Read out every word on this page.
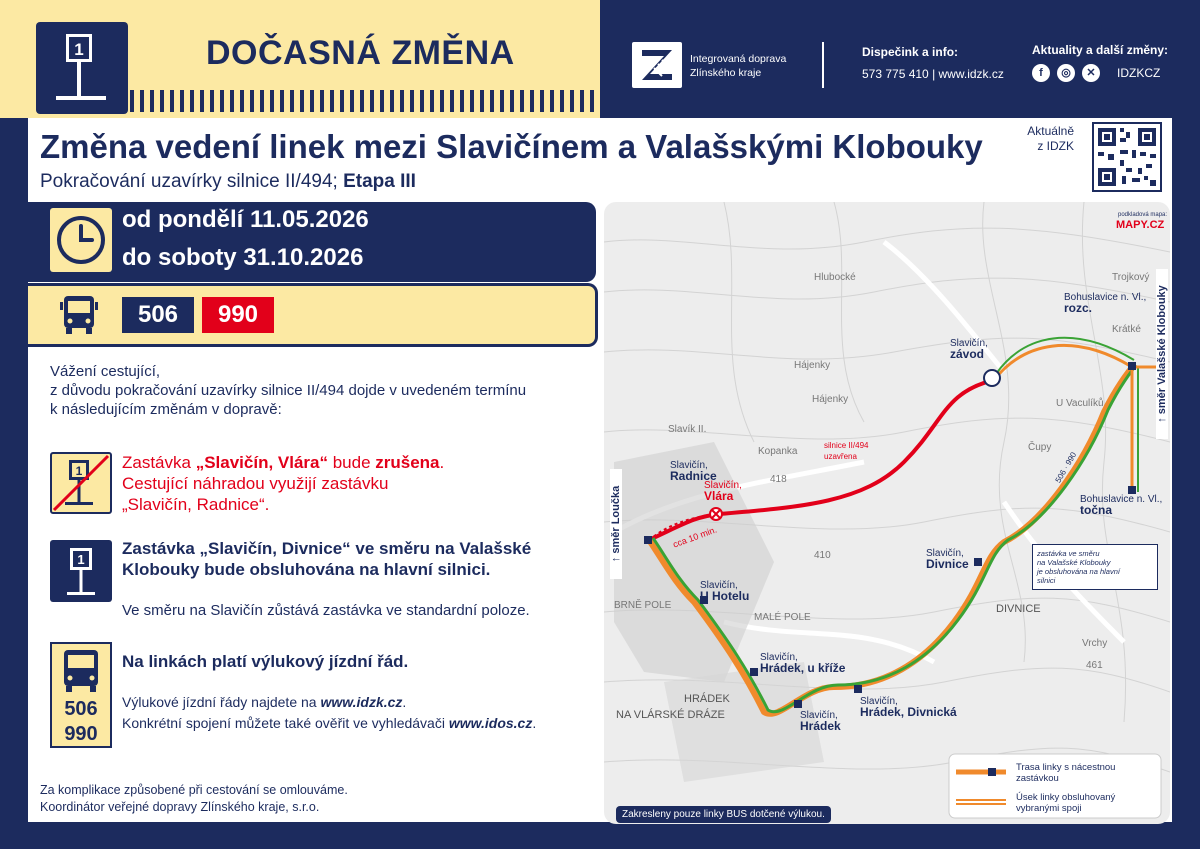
1	DOČASNÁ ZMĚNA	Integrovaná doprava
Zlínského kraje
Dispečink a info:
573 775 410 | www.idzk.cz
Aktuality a další změny:
f	◎	✕	IDZKCZ
Změna vedení linek mezi Slavičínem a Valašskými Klobouky
Pokračování uzavírky silnice II/494; Etapa III
Aktuálně
z IDZK
od pondělí 11.05.2026
do soboty 31.10.2026
506	990
Vážení cestující,
z důvodu pokračování uzavírky silnice II/494 dojde v uvedeném termínu
k následujícím změnám v dopravě:
1 Zastávka „Slavičín, Vlára“ bude zrušena.
Cestující náhradou využijí zastávku
„Slavičín, Radnice“.
1
Zastávka „Slavičín, Divnice“ ve směru na Valašské Klobouky bude obsluhována na hlavní silnici.
Ve směru na Slavičín zůstává zastávka ve standardní poloze.
506
990
Na linkách platí výlukový jízdní řád.
Výlukové jízdní řády najdete na www.idzk.cz.
Konkrétní spojení můžete také ověřit ve vyhledávači www.idos.cz.
Za komplikace způsobené při cestování se omlouváme.
Koordinátor veřejné dopravy Zlínského kraje, s.r.o.
podkladová mapa:
MAPY.CZ
silnice II/494
uzavřena
cca 10 min.
506 · 990
Slavičín,
závod
Bohuslavice n. Vl.,
rozc.
Bohuslavice n. Vl.,
točna
Slavičín,
Radnice
Slavičín,
Vlára
Slavičín,
Divnice
Slavičín,
U Hotelu
Slavičín,
Hrádek, u kříže
Slavičín,
Hrádek
Slavičín,
Hrádek, Divnická
zastávka ve směru
na Valašské Klobouky
je obsluhována na hlavní
silnici
Hlubocké
Hájenky
Hájenky
Kopanka
418
410
Slavík II.
U Vaculíků
Čupy
DIVNICE
Vrchy
461
Trojkový
Krátké
HRÁDEK
NA VLÁRSKÉ DRÁZE
MALÉ POLE
BRNĚ POLE
Trasa linky s nácestnou
zastávkou
Úsek linky obsluhovaný
vybranými spoji
Zakresleny pouze linky BUS dotčené výlukou.
↑ směr Loučka
↑ směr Valašské Klobouky
